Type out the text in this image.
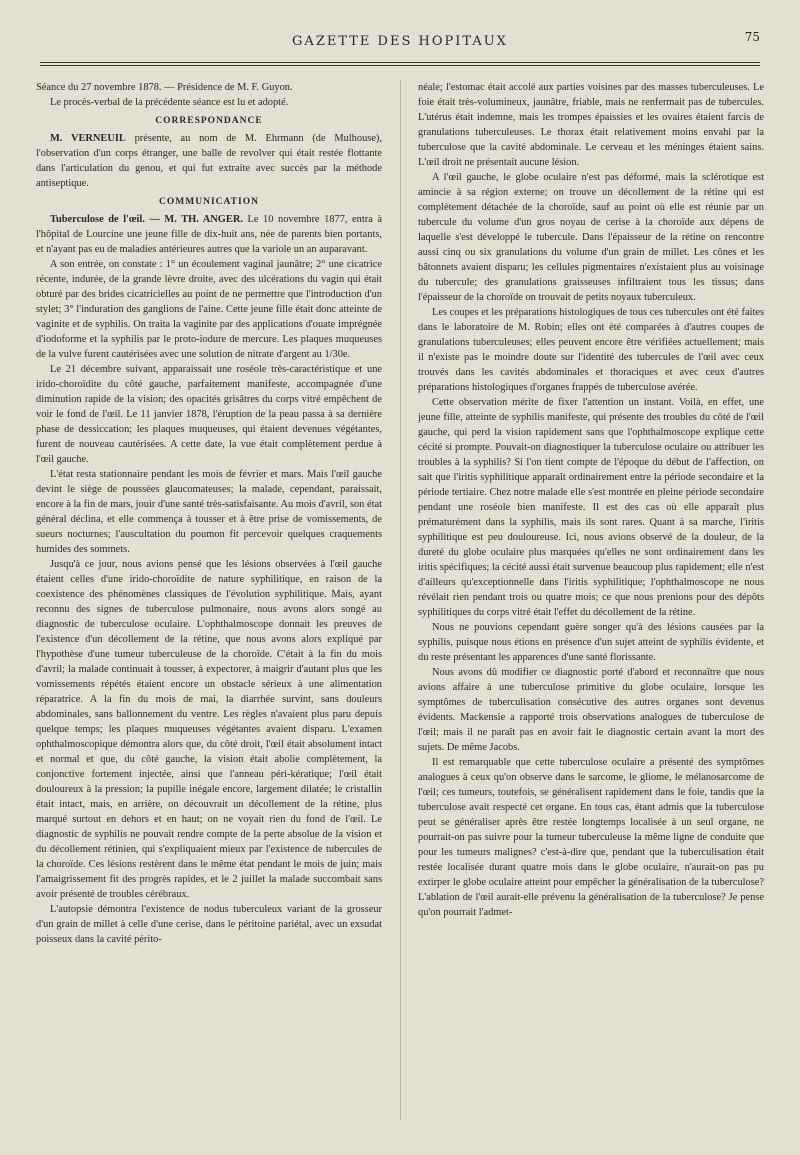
GAZETTE DES HOPITAUX	75

Séance du 27 novembre 1878. — Présidence de M. F. Guyon.

Le procès-verbal de la précédente séance est lu et adopté.

CORRESPONDANCE

M. VERNEUIL présente, au nom de M. Ehrmann (de Mulhouse), l'observation d'un corps étranger, une balle de revolver qui était restée flottante dans l'articulation du genou, et qui fut extraite avec succès par la méthode antiseptique.

COMMUNICATION

Tuberculose de l'œil. — M. TH. ANGER. Le 10 novembre 1877, entra à l'hôpital de Lourcine une jeune fille de dix-huit ans, née de parents bien portants, et n'ayant pas eu de maladies antérieures autres que la variole un an auparavant.

A son entrée, on constate : 1° un écoulement vaginal jaunâtre; 2° une cicatrice récente, indurée, de la grande lèvre droite, avec des ulcérations du vagin qui était obturé par des brides cicatricielles au point de ne permettre que l'introduction d'un stylet; 3° l'induration des ganglions de l'aine. Cette jeune fille était donc atteinte de vaginite et de syphilis. On traita la vaginite par des applications d'ouate imprégnée d'iodoforme et la syphilis par le proto-iodure de mercure. Les plaques muqueuses de la vulve furent cautérisées avec une solution de nitrate d'argent au 1/30e.

Le 21 décembre suivant, apparaissait une roséole très-caractéristique et une irido-choroïdite du côté gauche, parfaitement manifeste, accompagnée d'une diminution rapide de la vision; des opacités grisâtres du corps vitré empêchent de voir le fond de l'œil. Le 11 janvier 1878, l'éruption de la peau passa à sa dernière phase de dessiccation; les plaques muqueuses, qui étaient devenues végétantes, furent de nouveau cautérisées. A cette date, la vue était complètement perdue à l'œil gauche.

L'état resta stationnaire pendant les mois de février et mars. Mais l'œil gauche devint le siège de poussées glaucomateuses; la malade, cependant, paraissait, encore à la fin de mars, jouir d'une santé très-satisfaisante. Au mois d'avril, son état général déclina, et elle commença à tousser et à être prise de vomissements, de sueurs nocturnes; l'auscultation du poumon fit percevoir quelques craquements humides des sommets.

Jusqu'à ce jour, nous avions pensé que les lésions observées à l'œil gauche étaient celles d'une irido-choroïdite de nature syphilitique, en raison de la coexistence des phénomènes classiques de l'évolution syphilitique. Mais, ayant reconnu des signes de tuberculose pulmonaire, nous avons alors songé au diagnostic de tuberculose oculaire. L'ophthalmoscope donnait les preuves de l'existence d'un décollement de la rétine, que nous avons alors expliqué par l'hypothèse d'une tumeur tuberculeuse de la choroïde. C'était à la fin du mois d'avril; la malade continuait à tousser, à expectorer, à maigrir d'autant plus que les vomissements répétés étaient encore un obstacle sérieux à une alimentation réparatrice. A la fin du mois de mai, la diarrhée survint, sans douleurs abdominales, sans ballonnement du ventre. Les règles n'avaient plus paru depuis quelque temps; les plaques muqueuses végétantes avaient disparu. L'examen ophthalmoscopique démontra alors que, du côté droit, l'œil était absolument intact et normal et que, du côté gauche, la vision était abolie complètement, la conjonctive fortement injectée, ainsi que l'anneau péri-kératique; l'œil était douloureux à la pression; la pupille inégale encore, largement dilatée; le cristallin était intact, mais, en arrière, on découvrait un décollement de la rétine, plus marqué surtout en dehors et en haut; on ne voyait rien du fond de l'œil. Le diagnostic de syphilis ne pouvait rendre compte de la perte absolue de la vision et du décollement rétinien, qui s'expliquaient mieux par l'existence de tubercules de la choroïde. Ces lésions restèrent dans le même état pendant le mois de juin; mais l'amaigrissement fit des progrès rapides, et le 2 juillet la malade succombait sans avoir présenté de troubles cérébraux.

L'autopsie démontra l'existence de nodus tuberculeux variant de la grosseur d'un grain de millet à celle d'une cerise, dans le péritoine pariétal, avec un exsudat poisseux dans la cavité périto-

néale; l'estomac était accolé aux parties voisines par des masses tuberculeuses. Le foie était très-volumineux, jaunâtre, friable, mais ne renfermait pas de tubercules. L'utérus était indemne, mais les trompes épaissies et les ovaires étaient farcis de granulations tuberculeuses. Le thorax était relativement moins envahi par la tuberculose que la cavité abdominale. Le cerveau et les méninges étaient sains. L'œil droit ne présentait aucune lésion.

A l'œil gauche, le globe oculaire n'est pas déformé, mais la sclérotique est amincie à sa région externe; on trouve un décollement de la rétine qui est complètement détachée de la choroïde, sauf au point où elle est réunie par un tubercule du volume d'un gros noyau de cerise à la choroïde aux dépens de laquelle s'est développé le tubercule. Dans l'épaisseur de la rétine on rencontre aussi cinq ou six granulations du volume d'un grain de millet. Les cônes et les bâtonnets avaient disparu; les cellules pigmentaires n'existaient plus au voisinage du tubercule; des granulations graisseuses infiltraient tous les tissus; dans l'épaisseur de la choroïde on trouvait de petits noyaux tuberculeux.

Les coupes et les préparations histologiques de tous ces tubercules ont été faites dans le laboratoire de M. Robin; elles ont été comparées à d'autres coupes de granulations tuberculeuses; elles peuvent encore être vérifiées actuellement; mais il n'existe pas le moindre doute sur l'identité des tubercules de l'œil avec ceux trouvés dans les cavités abdominales et thoraciques et avec ceux d'autres préparations histologiques d'organes frappés de tuberculose avérée.

Cette observation mérite de fixer l'attention un instant. Voilà, en effet, une jeune fille, atteinte de syphilis manifeste, qui présente des troubles du côté de l'œil gauche, qui perd la vision rapidement sans que l'ophthalmoscope explique cette cécité si prompte. Pouvait-on diagnostiquer la tuberculose oculaire ou attribuer les troubles à la syphilis? Si l'on tient compte de l'époque du début de l'affection, on sait que l'iritis syphilitique apparaît ordinairement entre la période secondaire et la période tertiaire. Chez notre malade elle s'est montrée en pleine période secondaire pendant une roséole bien manifeste. Il est des cas où elle apparaît plus prématurément dans la syphilis, mais ils sont rares. Quant à sa marche, l'iritis syphilitique est peu douloureuse. Ici, nous avions observé de la douleur, de la dureté du globe oculaire plus marquées qu'elles ne sont ordinairement dans les iritis spécifiques; la cécité aussi était survenue beaucoup plus rapidement; elle n'est d'ailleurs qu'exceptionnelle dans l'iritis syphilitique; l'ophthalmoscope ne nous révélait rien pendant trois ou quatre mois; ce que nous prenions pour des dépôts syphilitiques du corps vitré était l'effet du décollement de la rétine.

Nous ne pouvions cependant guère songer qu'à des lésions causées par la syphilis, puisque nous étions en présence d'un sujet atteint de syphilis évidente, et du reste présentant les apparences d'une santé florissante.

Nous avons dû modifier ce diagnostic porté d'abord et reconnaître que nous avions affaire à une tuberculose primitive du globe oculaire, lorsque les symptômes de tuberculisation consécutive des autres organes sont devenus évidents. Mackensie a rapporté trois observations analogues de tuberculose de l'œil; mais il ne paraît pas en avoir fait le diagnostic certain avant la mort des sujets. De même Jacobs.

Il est remarquable que cette tuberculose oculaire a présenté des symptômes analogues à ceux qu'on observe dans le sarcome, le gliome, le mélanosarcome de l'œil; ces tumeurs, toutefois, se généralisent rapidement dans le foie, tandis que la tuberculose avait respecté cet organe. En tous cas, étant admis que la tuberculose peut se généraliser après être restée longtemps localisée à un seul organe, ne pourrait-on pas suivre pour la tumeur tuberculeuse la même ligne de conduite que pour les tumeurs malignes? c'est-à-dire que, pendant que la tuberculisation était restée localisée durant quatre mois dans le globe oculaire, n'aurait-on pas pu extirper le globe oculaire atteint pour empêcher la généralisation de la tuberculose? L'ablation de l'œil aurait-elle prévenu la généralisation de la tuberculose? Je pense qu'on pourrait l'admet-
